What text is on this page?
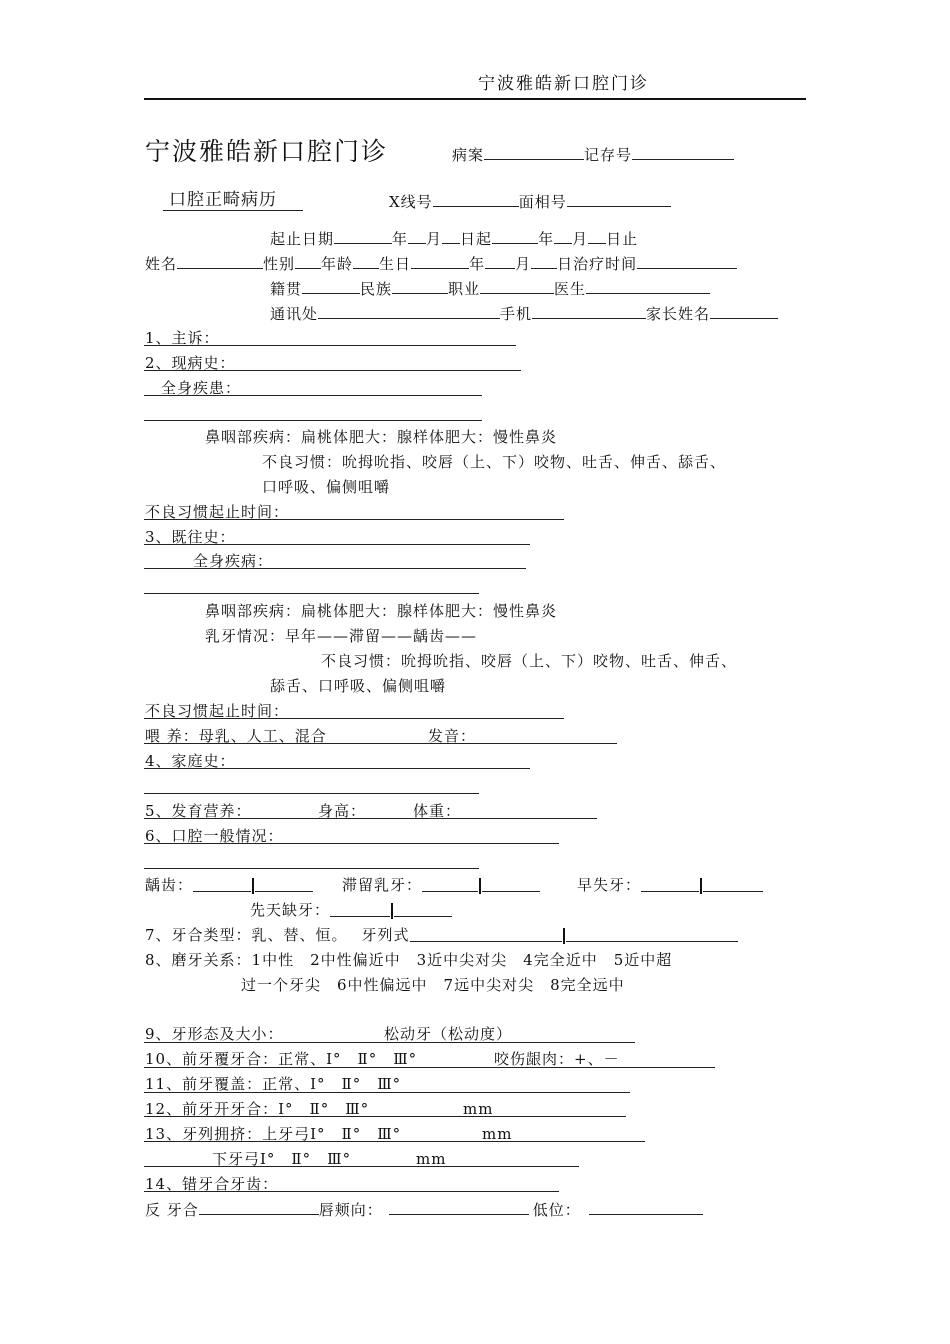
宁波雅皓新口腔门诊
宁波雅皓新口腔门诊	病案	记存号
口腔正畸病历	X线号	面相号
起止日期	年 月 日起	年 月 日止
姓名	性别 年龄 生日	年 月 日治疗时间
籍贯	民族	职业	医生
通讯处	手机	家长姓名
1、主诉：
2、现病史：
全身疾患：
鼻咽部疾病：扁桃体肥大：腺样体肥大：慢性鼻炎
不良习惯：吮拇吮指、咬唇（上、下）咬物、吐舌、伸舌、舔舌、
口呼吸、偏侧咀嚼
不良习惯起止时间：
3、既往史：
全身疾病：
鼻咽部疾病：扁桃体肥大：腺样体肥大：慢性鼻炎
乳牙情况：早年——滞留——龋齿——
不良习惯：吮拇吮指、咬唇（上、下）咬物、吐舌、伸舌、
舔舌、口呼吸、偏侧咀嚼
不良习惯起止时间：
喂 养：母乳、人工、混合	发音：
4、家庭史：
5、发育营养：	身高：	体重：
6、口腔一般情况：
龋齿：	滞留乳牙：	早失牙：
先天缺牙：
7、牙合类型：乳、替、恒。 牙列式
8、磨牙关系：1中性　2中性偏近中　3近中尖对尖　4完全近中　5近中超
过一个牙尖　6中性偏远中　7远中尖对尖　8完全远中
9、牙形态及大小：	松动牙（松动度）
10、前牙覆牙合：正常、Ⅰ°　Ⅱ°　Ⅲ°	咬伤龈肉：+、－
11、前牙覆盖：正常、Ⅰ°　Ⅱ°　Ⅲ°
12、前牙开牙合：Ⅰ°　Ⅱ°　Ⅲ°	mm
13、牙列拥挤：上牙弓Ⅰ°　Ⅱ°　Ⅲ°	mm
下牙弓Ⅰ°　Ⅱ°　Ⅲ°	mm
14、错牙合牙齿：
反 牙合	唇颊向：	低位：
